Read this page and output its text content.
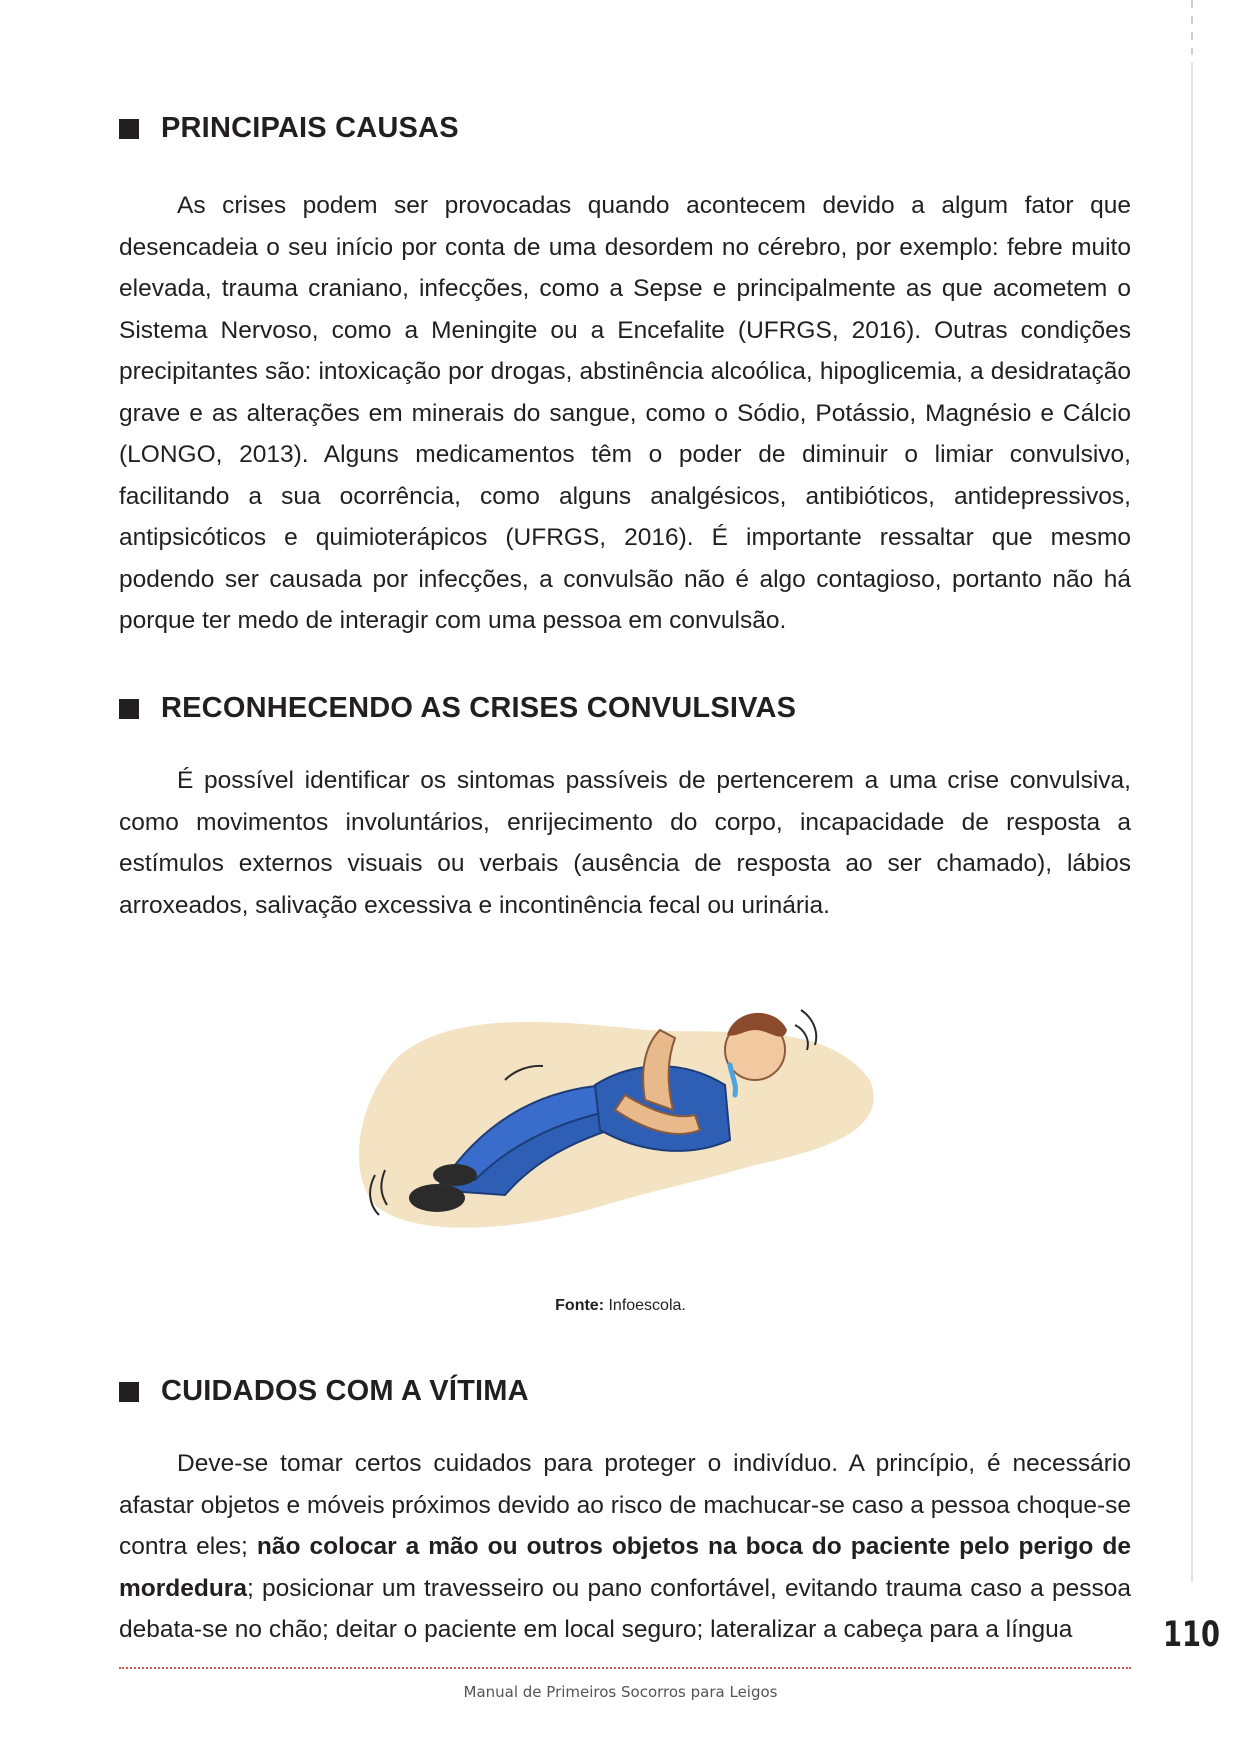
PRINCIPAIS CAUSAS

As crises podem ser provocadas quando acontecem devido a algum fator que desencadeia o seu início por conta de uma desordem no cérebro, por exemplo: febre muito elevada, trauma craniano, infecções, como a Sepse e principalmente as que acometem o Sistema Nervoso, como a Meningite ou a Encefalite (UFRGS, 2016). Outras condições precipitantes são: intoxicação por drogas, abstinência alcoólica, hipoglicemia, a desidratação grave e as alterações em minerais do sangue, como o Sódio, Potássio, Magnésio e Cálcio (LONGO, 2013). Alguns medicamentos têm o poder de diminuir o limiar convulsivo, facilitando a sua ocorrência, como alguns analgésicos, antibióticos, antidepressivos, antipsicóticos e quimioterápicos (UFRGS, 2016). É importante ressaltar que mesmo podendo ser causada por infecções, a convulsão não é algo contagioso, portanto não há porque ter medo de interagir com uma pessoa em convulsão.

RECONHECENDO AS CRISES CONVULSIVAS

É possível identificar os sintomas passíveis de pertencerem a uma crise convulsiva, como movimentos involuntários, enrijecimento do corpo, incapacidade de resposta a estímulos externos visuais ou verbais (ausência de resposta ao ser chamado), lábios arroxeados, salivação excessiva e incontinência fecal ou urinária.

Fonte: Infoescola.
CUIDADOS COM A VÍTIMA

Deve-se tomar certos cuidados para proteger o indivíduo. A princípio, é necessário afastar objetos e móveis próximos devido ao risco de machucar-se caso a pessoa choque-se contra eles; não colocar a mão ou outros objetos na boca do paciente pelo perigo de mordedura; posicionar um travesseiro ou pano confortável, evitando trauma caso a pessoa debata-se no chão; deitar o paciente em local seguro; lateralizar a cabeça para a língua	110
Manual de Primeiros Socorros para Leigos
